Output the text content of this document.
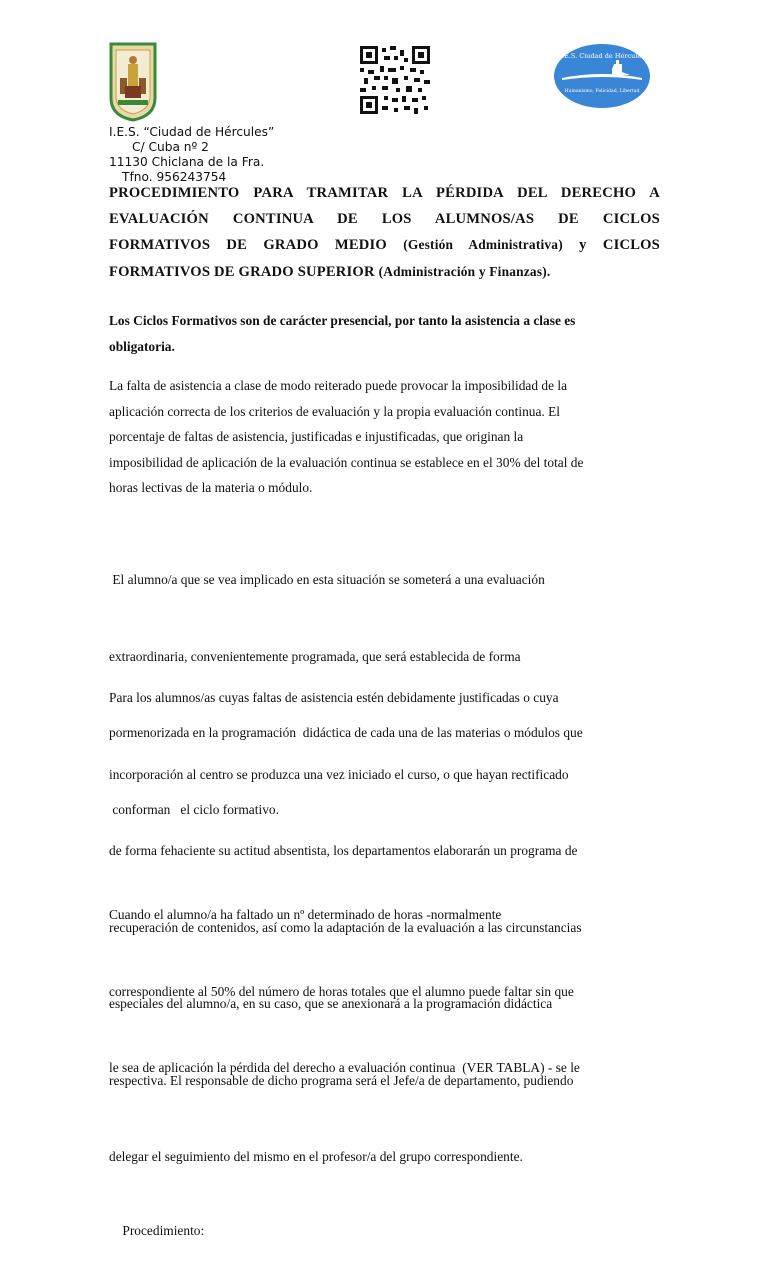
I.E.S. Ciudad de Hércules
Humanismo, Felicidad, Libertad
I.E.S. “Ciudad de Hércules”
C/ Cuba nº 2
11130 Chiclana de la Fra.
Tfno. 956243754
PROCEDIMIENTO PARA TRAMITAR LA PÉRDIDA DEL DERECHO A
EVALUACIÓN CONTINUA DE LOS ALUMNOS/AS DE CICLOS
FORMATIVOS DE GRADO MEDIO (Gestión Administrativa) y CICLOS
FORMATIVOS DE GRADO SUPERIOR (Administración y Finanzas).
Los Ciclos Formativos son de carácter presencial, por tanto la asistencia a clase es
obligatoria.
La falta de asistencia a clase de modo reiterado puede provocar la imposibilidad de la
aplicación correcta de los criterios de evaluación y la propia evaluación continua. El
porcentaje de faltas de asistencia, justificadas e injustificadas, que originan la
imposibilidad de aplicación de la evaluación continua se establece en el 30% del total de
horas lectivas de la materia o módulo.

El alumno/a que se vea implicado en esta situación se someterá a una evaluación

extraordinaria, convenientemente programada, que será establecida de forma

pormenorizada en la programación  didáctica de cada una de las materias o módulos que

conforman   el ciclo formativo.

Para los alumnos/as cuyas faltas de asistencia estén debidamente justificadas o cuya

incorporación al centro se produzca una vez iniciado el curso, o que hayan rectificado

de forma fehaciente su actitud absentista, los departamentos elaborarán un programa de

recuperación de contenidos, así como la adaptación de la evaluación a las circunstancias

especiales del alumno/a, en su caso, que se anexionará a la programación didáctica

respectiva. El responsable de dicho programa será el Jefe/a de departamento, pudiendo

delegar el seguimiento del mismo en el profesor/a del grupo correspondiente.

Procedimiento:

Cuando el alumno/a ha faltado un nº determinado de horas -normalmente

correspondiente al 50% del número de horas totales que el alumno puede faltar sin que

le sea de aplicación la pérdida del derecho a evaluación continua  (VER TABLA) - se le
